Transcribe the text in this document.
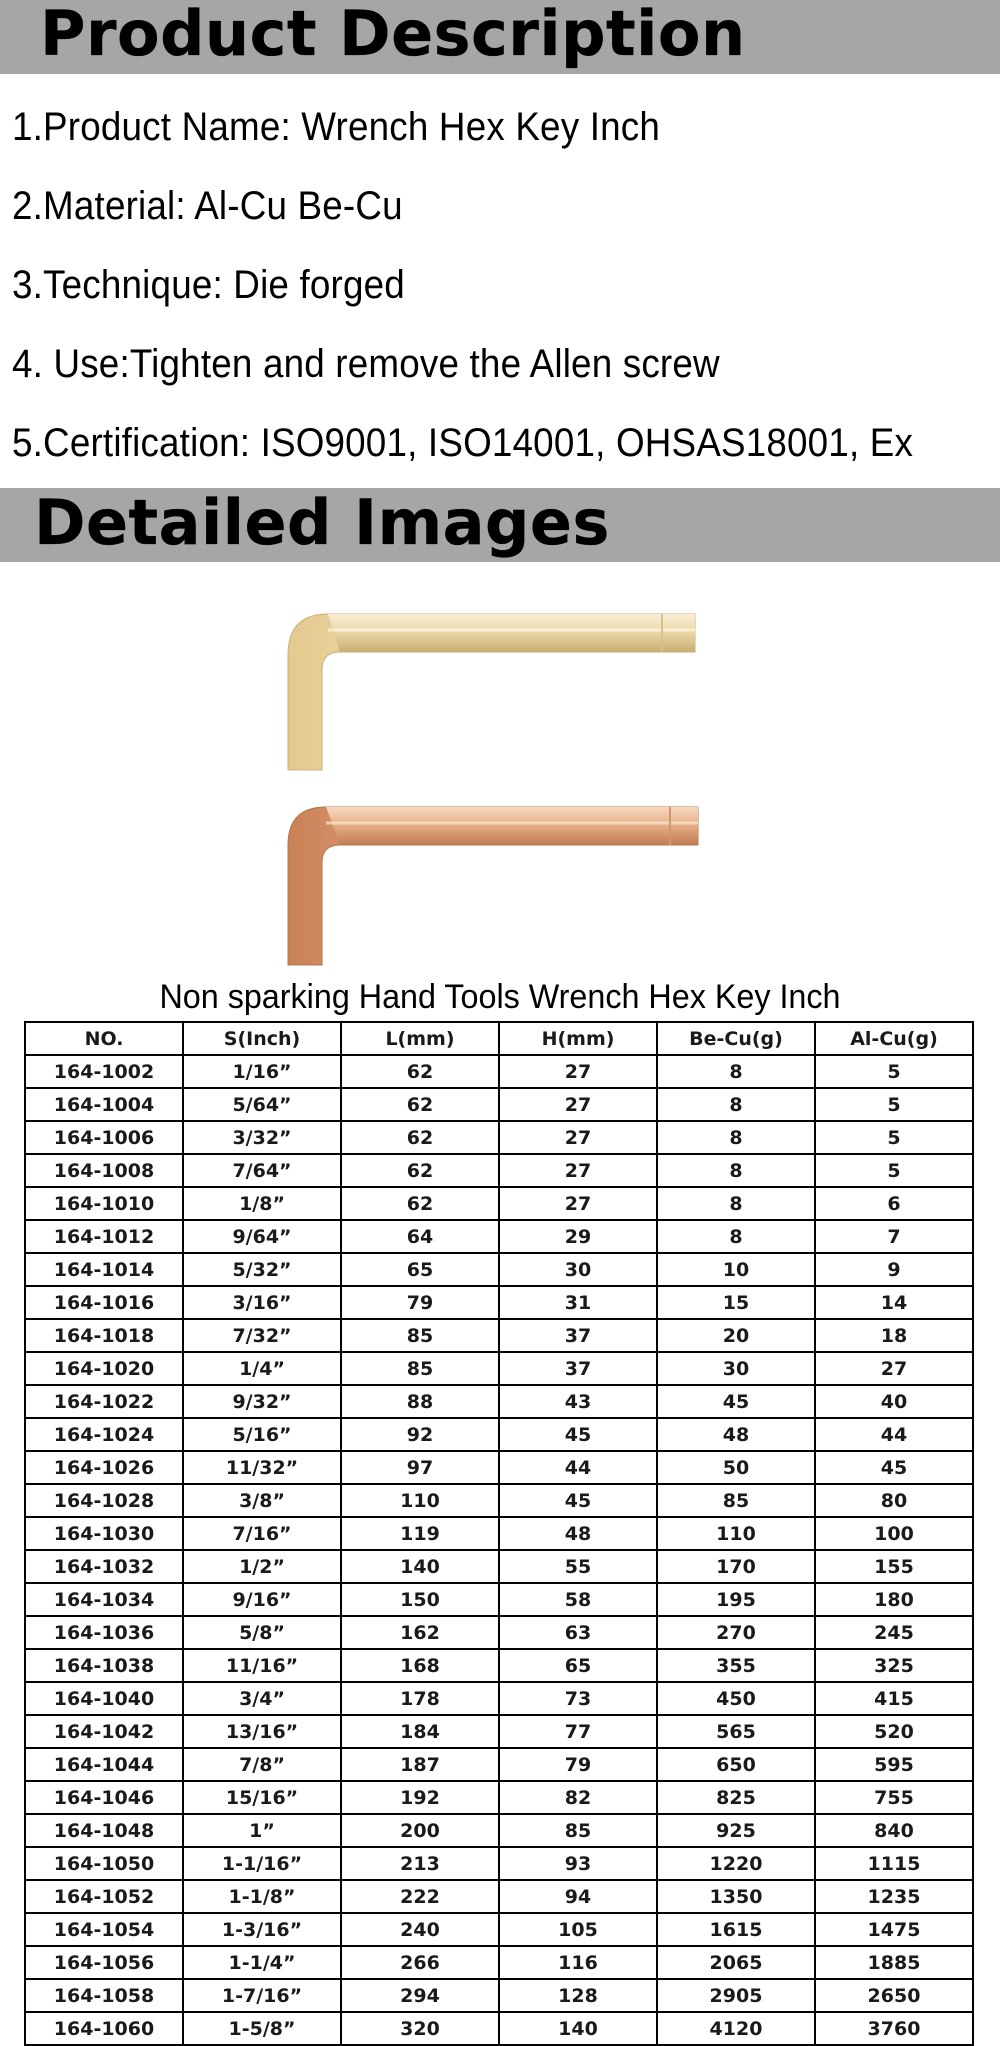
Product Description
1.Product Name: Wrench Hex Key Inch
2.Material: Al-Cu Be-Cu
3.Technique: Die forged
4. Use:Tighten and remove the Allen screw
5.Certification: ISO9001, ISO14001, OHSAS18001, Ex
Detailed Images
Non sparking Hand Tools Wrench Hex Key Inch
NO.	S(Inch)	L(mm)	H(mm)	Be-Cu(g)	Al-Cu(g)
164-1002	1/16”	62	27	8	5
164-1004	5/64”	62	27	8	5
164-1006	3/32”	62	27	8	5
164-1008	7/64”	62	27	8	5
164-1010	1/8”	62	27	8	6
164-1012	9/64”	64	29	8	7
164-1014	5/32”	65	30	10	9
164-1016	3/16”	79	31	15	14
164-1018	7/32”	85	37	20	18
164-1020	1/4”	85	37	30	27
164-1022	9/32”	88	43	45	40
164-1024	5/16”	92	45	48	44
164-1026	11/32”	97	44	50	45
164-1028	3/8”	110	45	85	80
164-1030	7/16”	119	48	110	100
164-1032	1/2”	140	55	170	155
164-1034	9/16”	150	58	195	180
164-1036	5/8”	162	63	270	245
164-1038	11/16”	168	65	355	325
164-1040	3/4”	178	73	450	415
164-1042	13/16”	184	77	565	520
164-1044	7/8”	187	79	650	595
164-1046	15/16”	192	82	825	755
164-1048	1”	200	85	925	840
164-1050	1-1/16”	213	93	1220	1115
164-1052	1-1/8”	222	94	1350	1235
164-1054	1-3/16”	240	105	1615	1475
164-1056	1-1/4”	266	116	2065	1885
164-1058	1-7/16”	294	128	2905	2650
164-1060	1-5/8”	320	140	4120	3760
